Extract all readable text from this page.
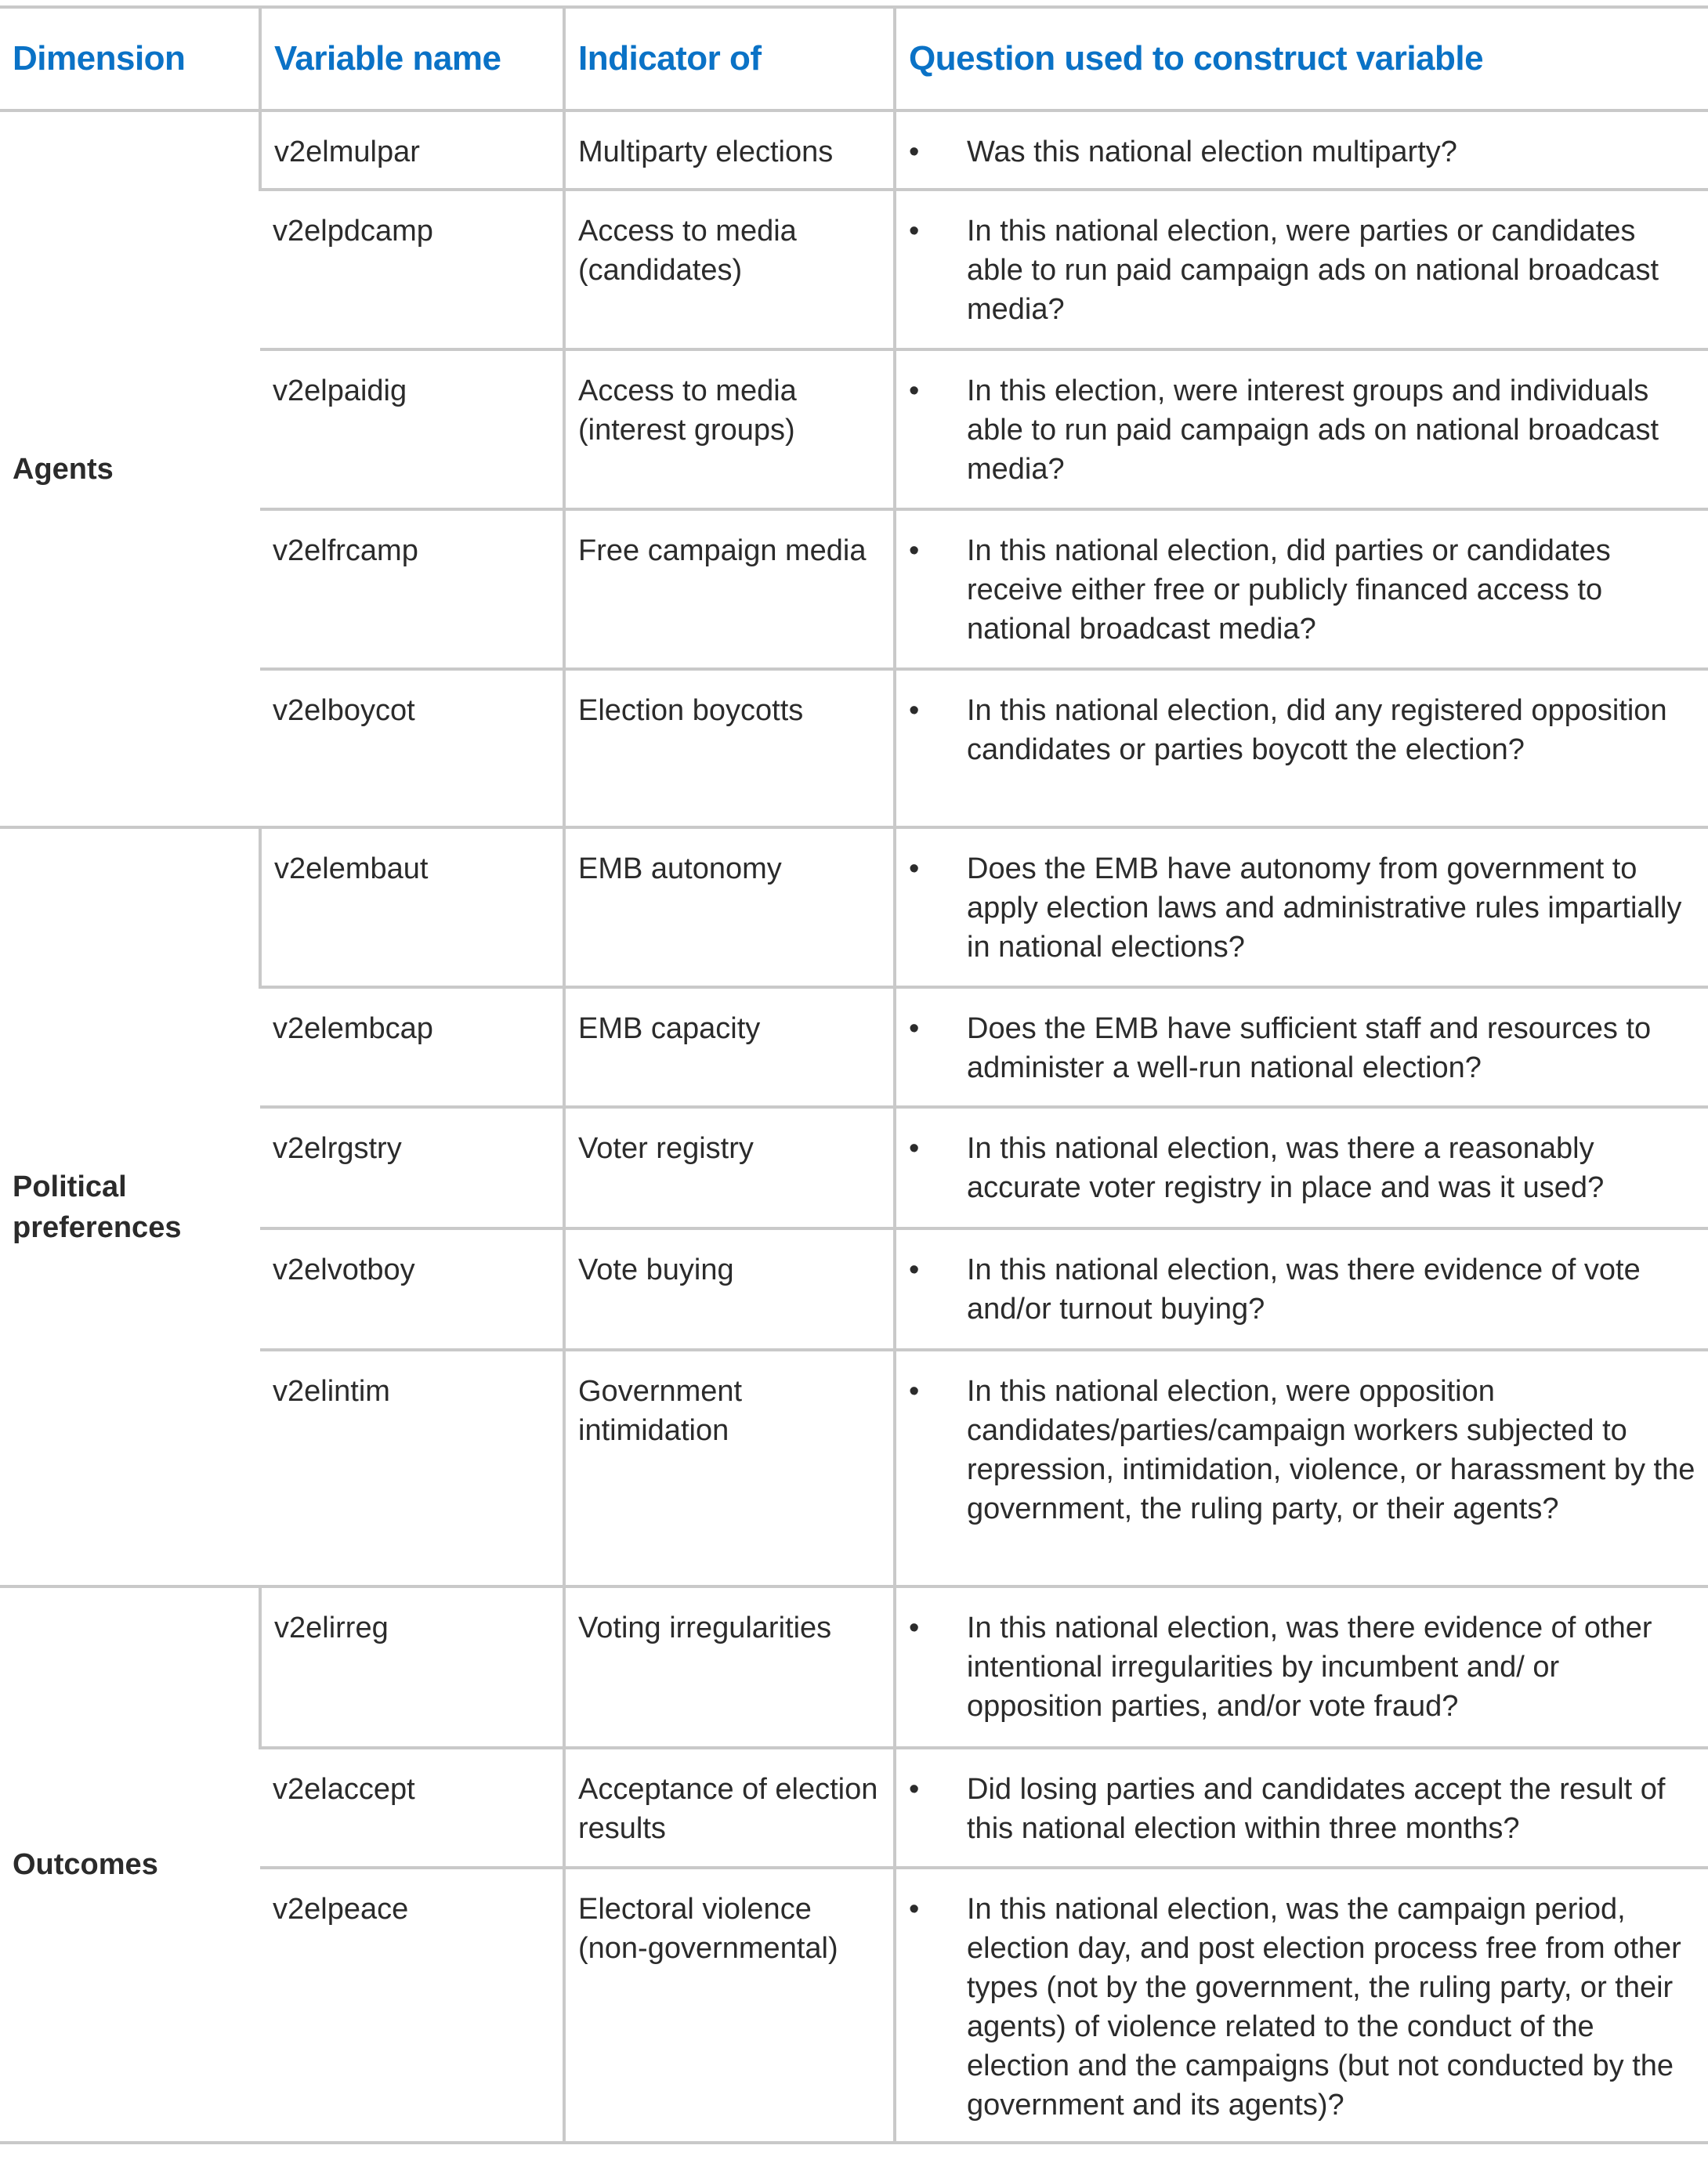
Dimension	Variable name	Indicator of	Question used to construct variable
Agents	v2elmulpar	Multiparty elections	• Was this national election multiparty?

	v2elpdcamp	Access to media (candidates)	• In this national election, were parties or candidates able to run paid campaign ads on national broadcast media?

	v2elpaidig	Access to media (interest groups)	• In this election, were interest groups and individuals able to run paid campaign ads on national broadcast media?

	v2elfrcamp	Free campaign media	• In this national election, did parties or candidates receive either free or publicly financed access to national broadcast media?

	v2elboycot	Election boycotts	• In this national election, did any registered opposition candidates or parties boycott the election?

Political preferences	v2elembaut	EMB autonomy	• Does the EMB have autonomy from government to apply election laws and administrative rules impartially in national elections?

	v2elembcap	EMB capacity	• Does the EMB have sufficient staff and resources to administer a well-run national election?

	v2elrgstry	Voter registry	• In this national election, was there a reasonably accurate voter registry in place and was it used?

	v2elvotboy	Vote buying	• In this national election, was there evidence of vote and/or turnout buying?

	v2elintim	Government intimidation	• In this national election, were opposition candidates/parties/campaign workers subjected to repression, intimidation, violence, or harassment by the government, the ruling party, or their agents?

Outcomes	v2elirreg	Voting irregularities	• In this national election, was there evidence of other intentional irregularities by incumbent and/ or opposition parties, and/or vote fraud?

	v2elaccept	Acceptance of election results	• Did losing parties and candidates accept the result of this national election within three months?

	v2elpeace	Electoral violence (non-governmental)	• In this national election, was the campaign period, election day, and post election process free from other types (not by the government, the ruling party, or their agents) of violence related to the conduct of the election and the campaigns (but not conducted by the government and its agents)?
